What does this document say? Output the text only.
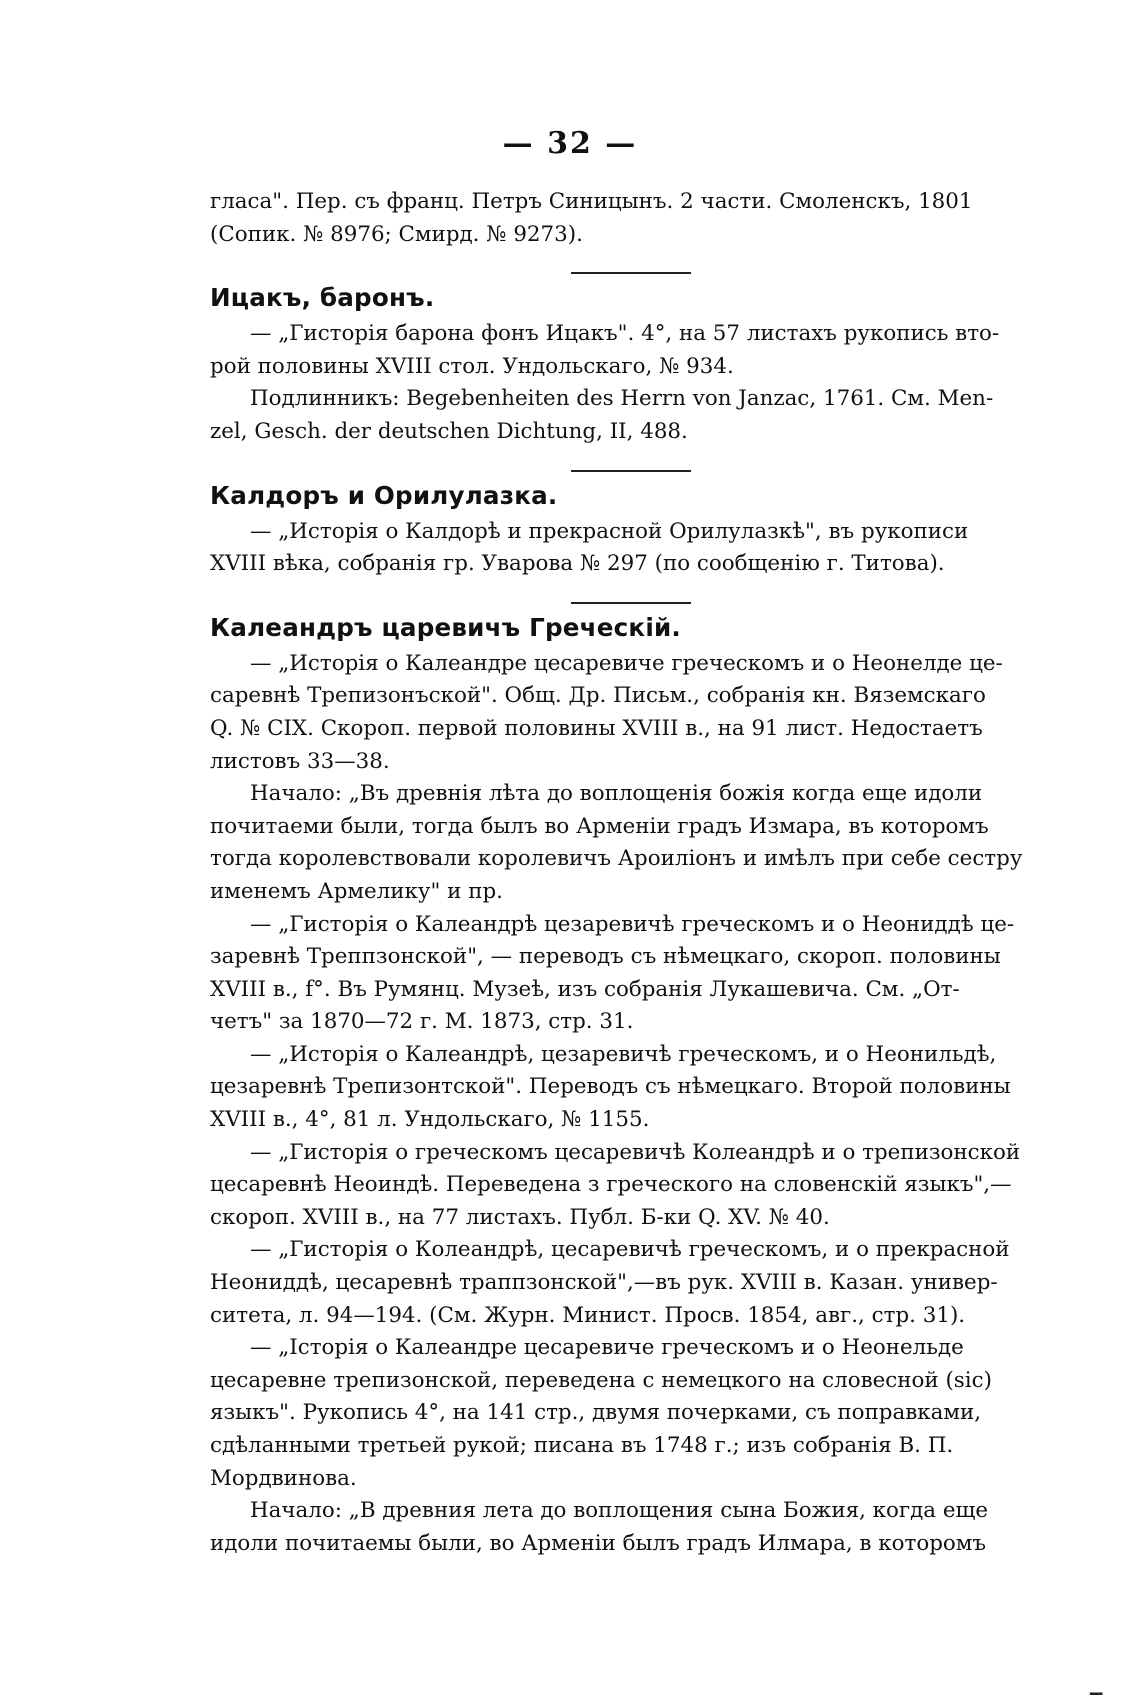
— 32 —

глаca". Пер. съ франц. Петръ Синицынъ. 2 части. Смоленскъ, 1801

(Сопик. № 8976; Смирд. № 9273).

Ицакъ, баронъ.

— „Гисторія барона фонъ Ицакъ". 4°, на 57 листахъ рукопись вто-

рой половины XVIII стол. Ундольскаго, № 934.

Подлинникъ: Begebenheiten des Herrn von Janzac, 1761. См. Men-

zel, Gesch. der deutschen Dichtung, II, 488.

Калдоръ и Орилулазка.

— „Исторія о Калдорѣ и прекрасной Орилулазкѣ", въ рукописи

XVIII вѣка, собранія гр. Уварова № 297 (по сообщенію г. Титова).

Калеандръ царевичъ Греческій.

— „Исторія о Калеандре цесаревиче греческомъ и о Неонелде це-

саревнѣ Трепизонъской". Общ. Др. Письм., собранія кн. Вяземскаго

Q. № CIX. Скороп. первой половины XVIII в., на 91 лист. Недостаетъ

листовъ 33—38.

Начало: „Въ древнія лѣта до воплощенія божія когда еще идоли

почитаеми были, тогда былъ во Арменіи градъ Измара, въ которомъ

тогда королевствовали королевичъ Ароиліонъ и имѣлъ при себе сестру

именемъ Армелику" и пр.

— „Гисторія о Калеандрѣ цезаревичѣ греческомъ и о Неониддѣ це-

заревнѣ Треппзонской", — переводъ съ нѣмецкаго, скороп. половины

XVIII в., f°. Въ Румянц. Музеѣ, изъ собранія Лукашевича. См. „От-

четъ" за 1870—72 г. М. 1873, стр. 31.

— „Исторія о Калеандрѣ, цезаревичѣ греческомъ, и о Неонильдѣ,

цезаревнѣ Трепизонтской". Переводъ съ нѣмецкаго. Второй половины

XVIII в., 4°, 81 л. Ундольскаго, № 1155.

— „Гисторія о греческомъ цесаревичѣ Колеандрѣ и о трепизонской

цесаревнѣ Неоиндѣ. Переведена з греческого на словенскій языкъ",—

скороп. XVIII в., на 77 листахъ. Публ. Б-ки Q. XV. № 40.

— „Гисторія о Колеандрѣ, цесаревичѣ греческомъ, и о прекрасной

Неониддѣ, цесаревнѣ траппзонской",—въ рук. XVIII в. Казан. универ-

ситета, л. 94—194. (См. Журн. Минист. Просв. 1854, авг., стр. 31).

— „Історія о Калеандре цесаревиче греческомъ и о Неонельде

цесаревне трепизонской, переведена с немецкого на словесной (sic)

языкъ". Рукопись 4°, на 141 стр., двумя почерками, съ поправками,

сдѣланными третьей рукой; писана въ 1748 г.; изъ собранія В. П.

Мордвинова.

Начало: „В древния лета до воплощения сына Божия, когда еще

идоли почитаемы были, во Арменіи былъ градъ Илмара, в которомъ

▁
